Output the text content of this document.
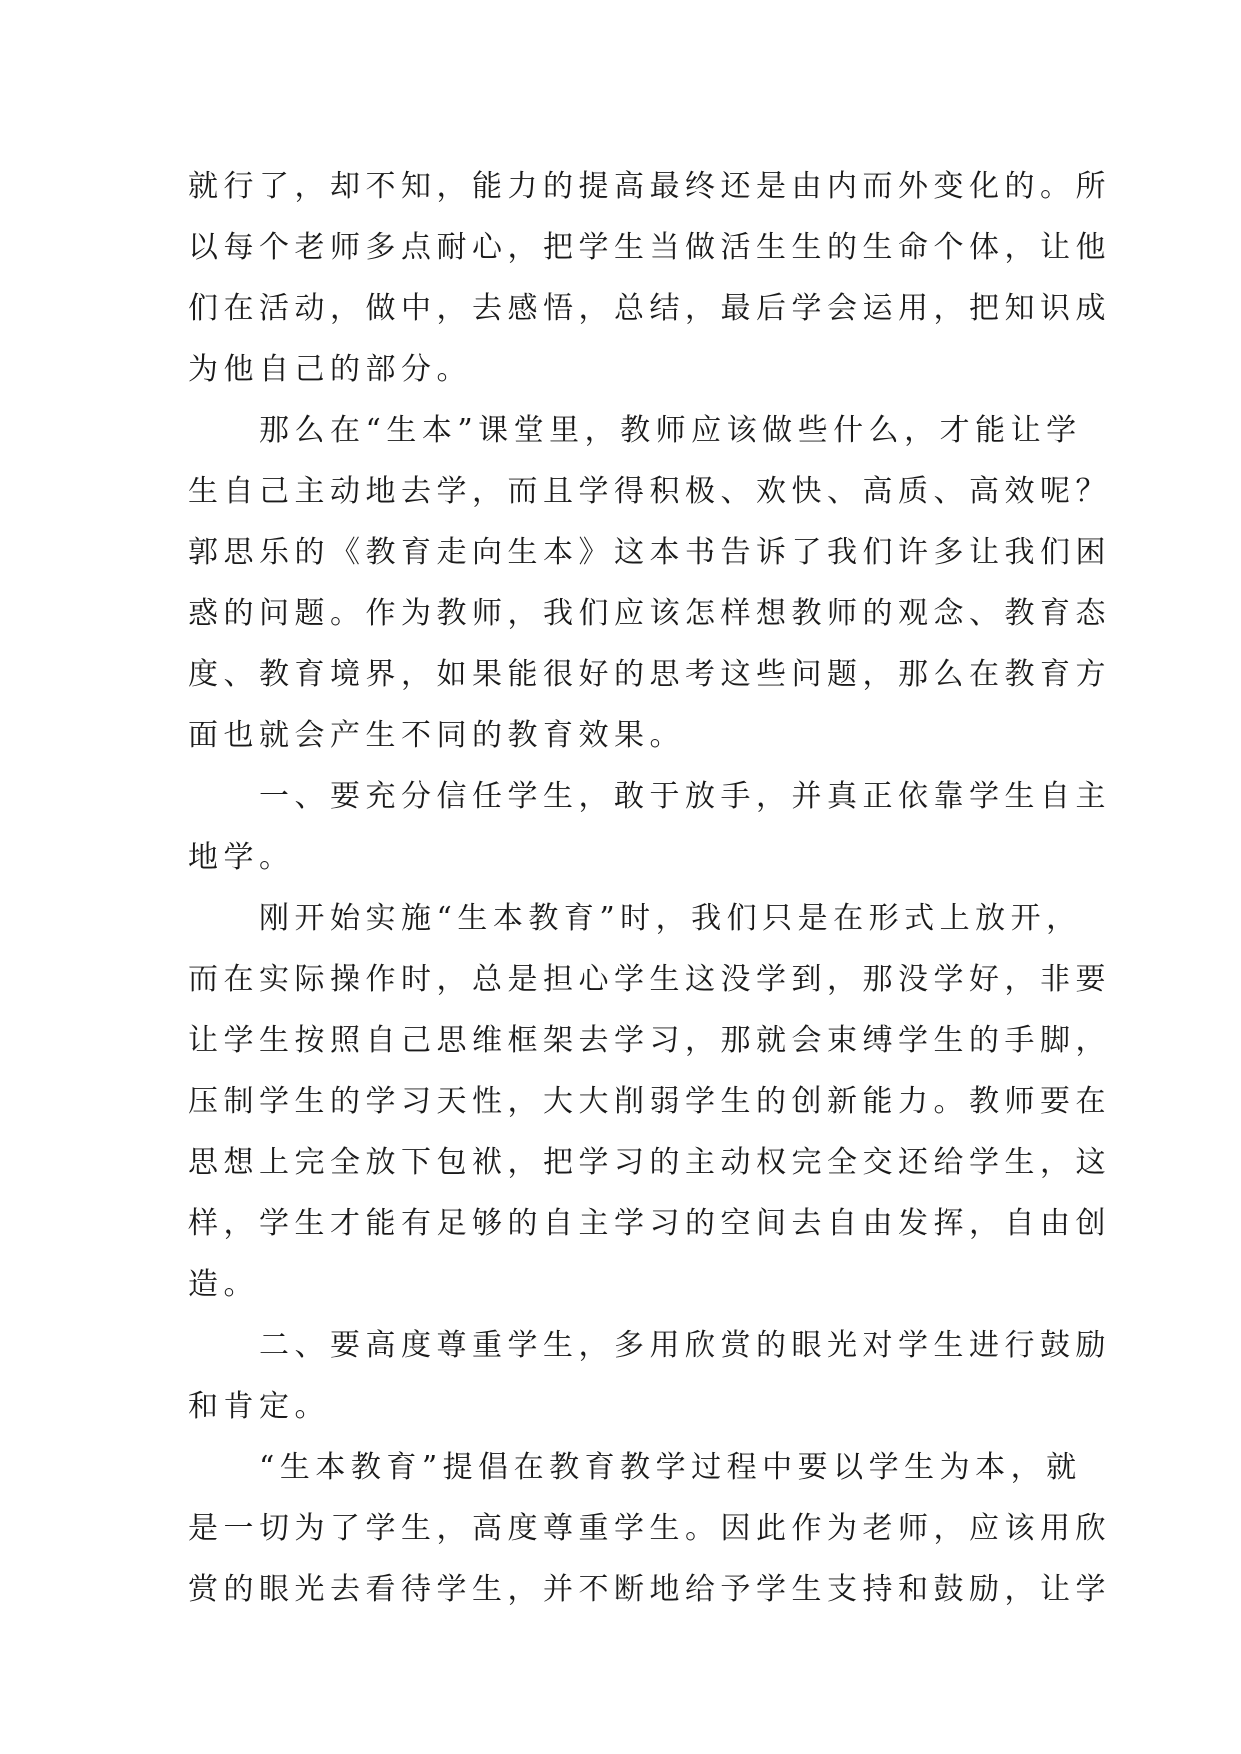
就行了，却不知，能力的提高最终还是由内而外变化的。所
以每个老师多点耐心，把学生当做活生生的生命个体，让他
们在活动，做中，去感悟，总结，最后学会运用，把知识成
为他自己的部分。
　　那么在“生本”课堂里，教师应该做些什么，才能让学
生自己主动地去学，而且学得积极、欢快、高质、高效呢？
郭思乐的《教育走向生本》这本书告诉了我们许多让我们困
惑的问题。作为教师，我们应该怎样想教师的观念、教育态
度、教育境界，如果能很好的思考这些问题，那么在教育方
面也就会产生不同的教育效果。
　　一、要充分信任学生，敢于放手，并真正依靠学生自主
地学。
　　刚开始实施“生本教育”时，我们只是在形式上放开，
而在实际操作时，总是担心学生这没学到，那没学好，非要
让学生按照自己思维框架去学习，那就会束缚学生的手脚，
压制学生的学习天性，大大削弱学生的创新能力。教师要在
思想上完全放下包袱，把学习的主动权完全交还给学生，这
样，学生才能有足够的自主学习的空间去自由发挥，自由创
造。
　　二、要高度尊重学生，多用欣赏的眼光对学生进行鼓励
和肯定。
　　“生本教育”提倡在教育教学过程中要以学生为本，就
是一切为了学生，高度尊重学生。因此作为老师，应该用欣
赏的眼光去看待学生，并不断地给予学生支持和鼓励，让学
